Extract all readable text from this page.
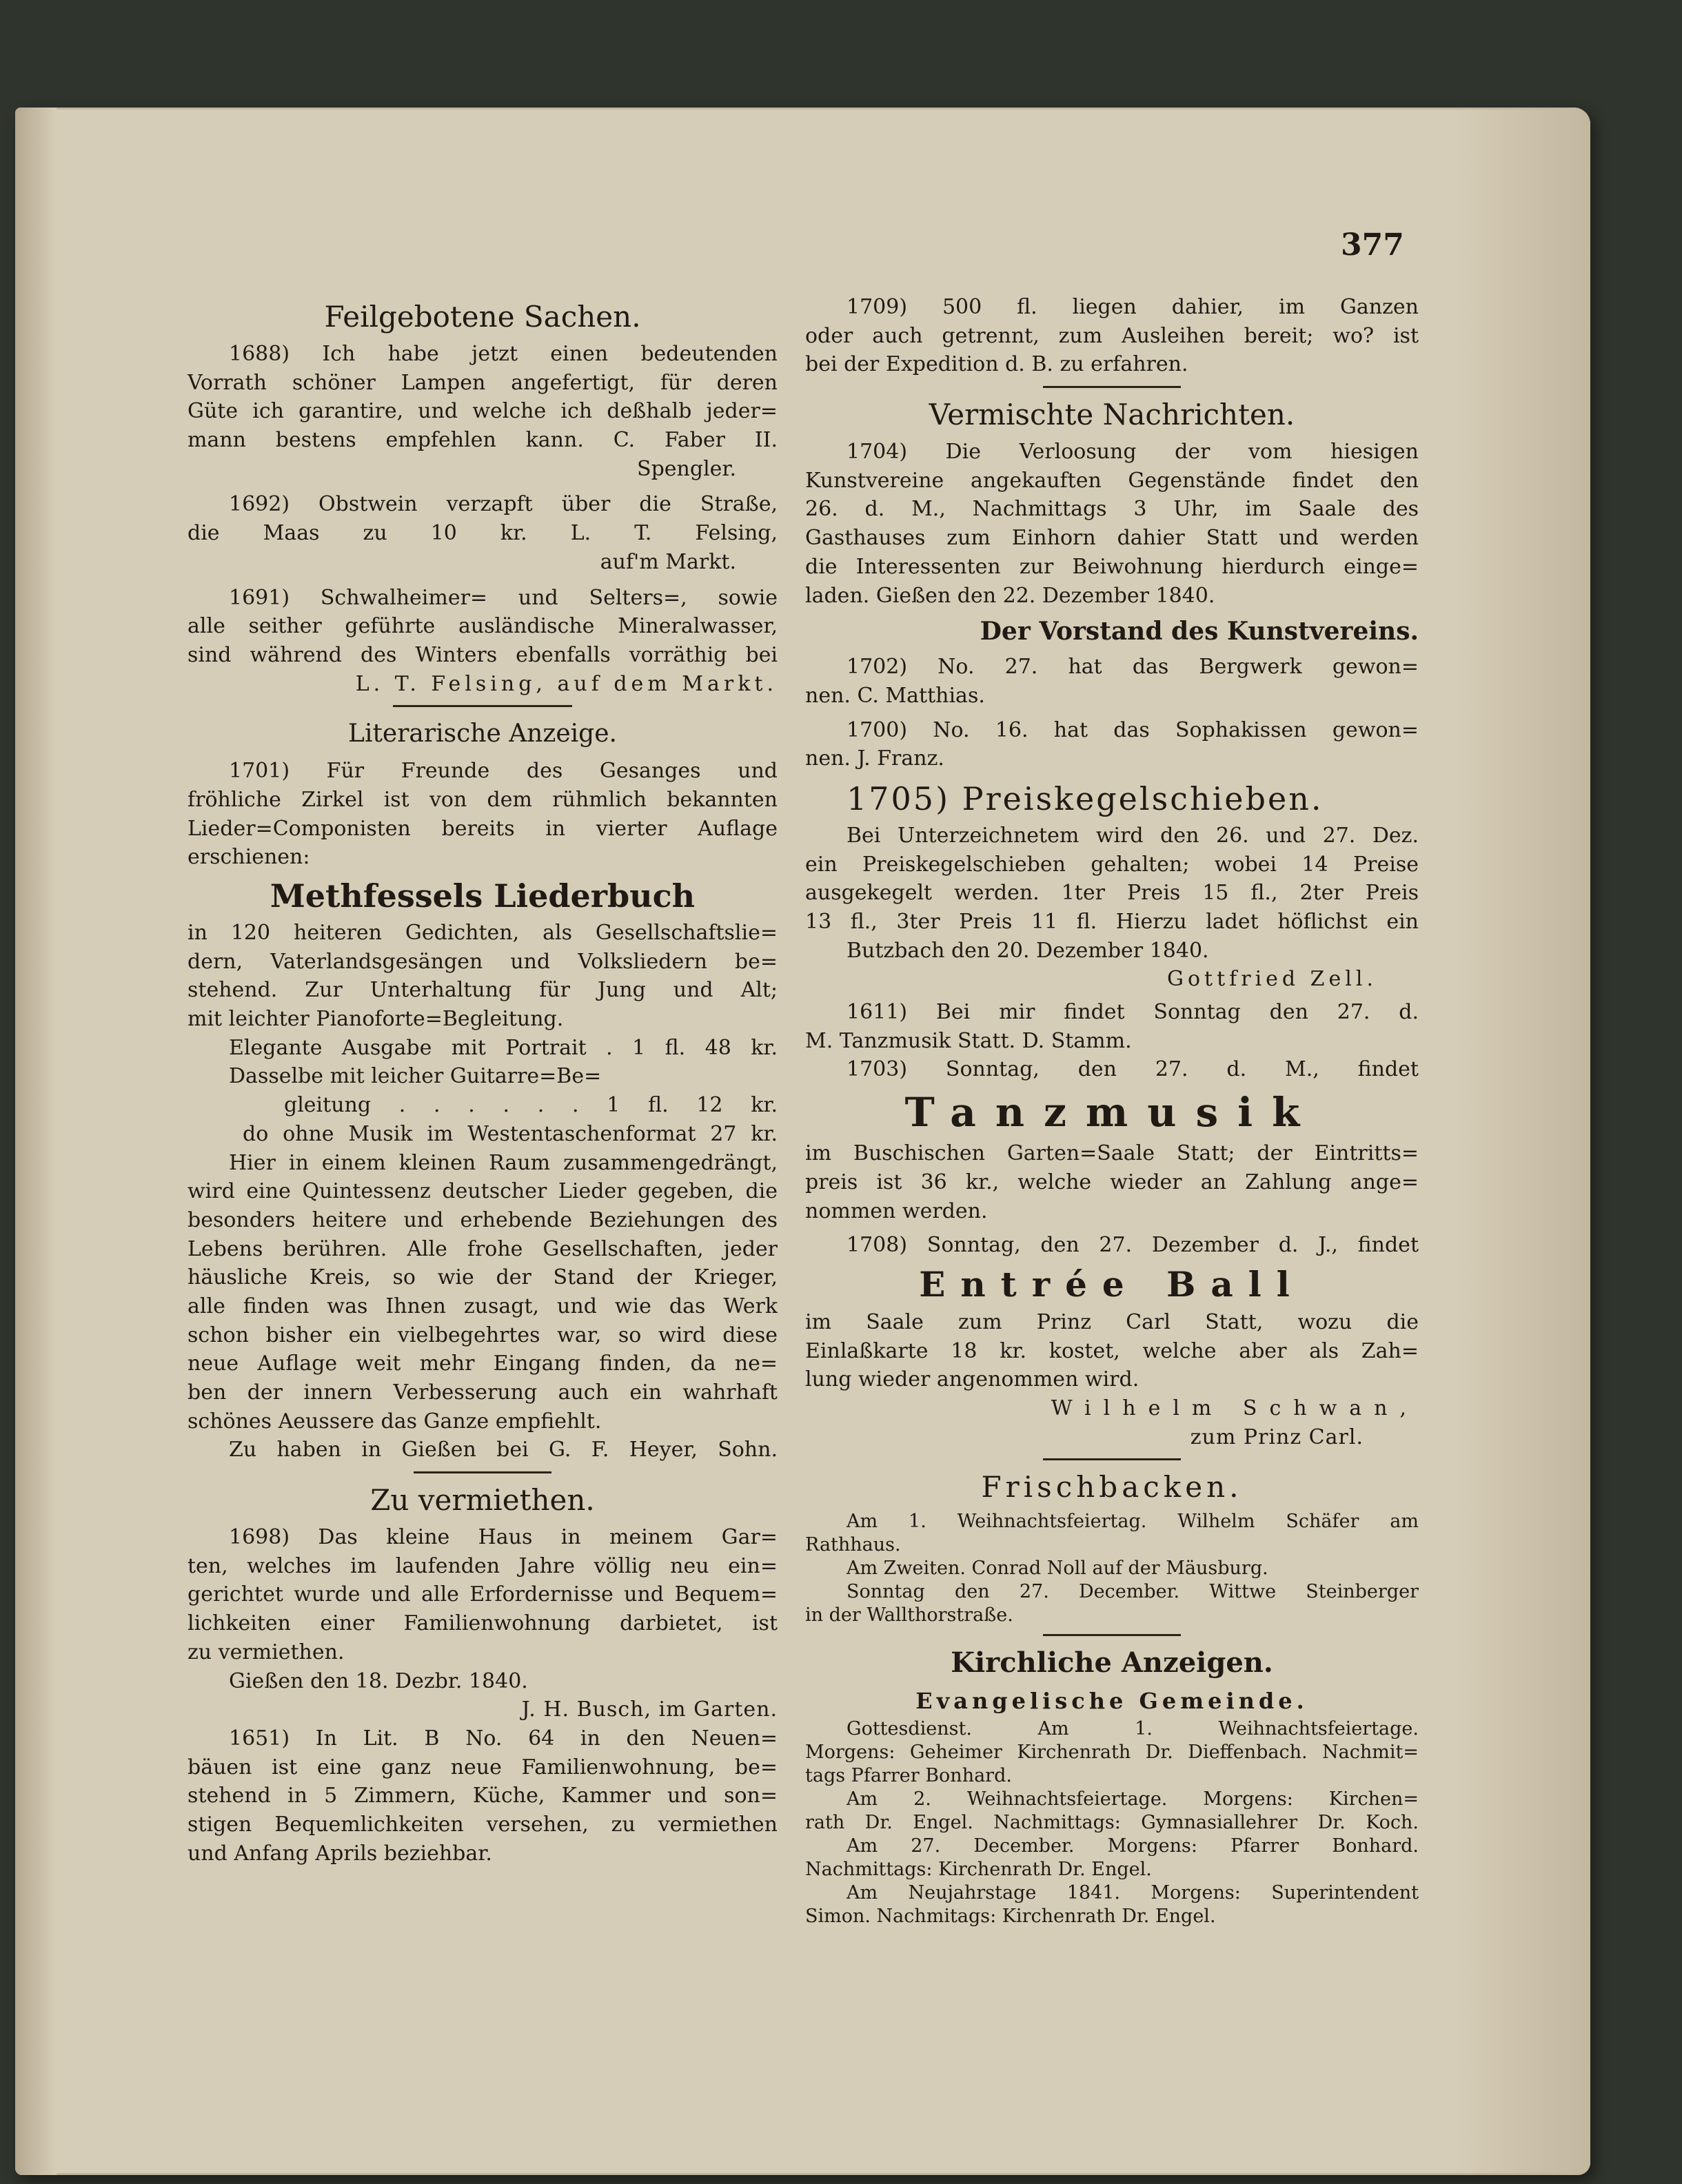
377
Feilgebotene Sachen.
1688) Ich habe jetzt einen bedeutenden
Vorrath schöner Lampen angefertigt, für deren
Güte ich garantire, und welche ich deßhalb jeder=
mann bestens empfehlen kann. C. Faber II.
Spengler.
1692) Obstwein verzapft über die Straße,
die Maas zu 10 kr. L. T. Felsing,
auf'm Markt.
1691) Schwalheimer= und Selters=, sowie
alle seither geführte ausländische Mineralwasser,
sind während des Winters ebenfalls vorräthig bei
L. T. Felsing, auf dem Markt.
Literarische Anzeige.
1701) Für Freunde des Gesanges und
fröhliche Zirkel ist von dem rühmlich bekannten
Lieder=Componisten bereits in vierter Auflage
erschienen:
Methfessels Liederbuch
in 120 heiteren Gedichten, als Gesellschaftslie=
dern, Vaterlandsgesängen und Volksliedern be=
stehend. Zur Unterhaltung für Jung und Alt;
mit leichter Pianoforte=Begleitung.
Elegante Ausgabe mit Portrait . 1 fl. 48 kr.
Dasselbe mit leicher Guitarre=Be=
gleitung . . . . . . 1 fl. 12 kr.
do ohne Musik im Westentaschenformat 27 kr.
Hier in einem kleinen Raum zusammengedrängt,
wird eine Quintessenz deutscher Lieder gegeben, die
besonders heitere und erhebende Beziehungen des
Lebens berühren. Alle frohe Gesellschaften, jeder
häusliche Kreis, so wie der Stand der Krieger,
alle finden was Ihnen zusagt, und wie das Werk
schon bisher ein vielbegehrtes war, so wird diese
neue Auflage weit mehr Eingang finden, da ne=
ben der innern Verbesserung auch ein wahrhaft
schönes Aeussere das Ganze empfiehlt.
Zu haben in Gießen bei G. F. Heyer, Sohn.
Zu vermiethen.
1698) Das kleine Haus in meinem Gar=
ten, welches im laufenden Jahre völlig neu ein=
gerichtet wurde und alle Erfordernisse und Bequem=
lichkeiten einer Familienwohnung darbietet, ist
zu vermiethen.
Gießen den 18. Dezbr. 1840.
J. H. Busch, im Garten.
1651) In Lit. B No. 64 in den Neuen=
bäuen ist eine ganz neue Familienwohnung, be=
stehend in 5 Zimmern, Küche, Kammer und son=
stigen Bequemlichkeiten versehen, zu vermiethen
und Anfang Aprils beziehbar.
1709) 500 fl. liegen dahier, im Ganzen
oder auch getrennt, zum Ausleihen bereit; wo? ist
bei der Expedition d. B. zu erfahren.
Vermischte Nachrichten.
1704) Die Verloosung der vom hiesigen
Kunstvereine angekauften Gegenstände findet den
26. d. M., Nachmittags 3 Uhr, im Saale des
Gasthauses zum Einhorn dahier Statt und werden
die Interessenten zur Beiwohnung hierdurch einge=
laden. Gießen den 22. Dezember 1840.
Der Vorstand des Kunstvereins.
1702) No. 27. hat das Bergwerk gewon=
nen. C. Matthias.
1700) No. 16. hat das Sophakissen gewon=
nen. J. Franz.
1705) Preiskegelschieben.
Bei Unterzeichnetem wird den 26. und 27. Dez.
ein Preiskegelschieben gehalten; wobei 14 Preise
ausgekegelt werden. 1ter Preis 15 fl., 2ter Preis
13 fl., 3ter Preis 11 fl. Hierzu ladet höflichst ein
Butzbach den 20. Dezember 1840.
Gottfried Zell.
1611) Bei mir findet Sonntag den 27. d.
M. Tanzmusik Statt. D. Stamm.
1703) Sonntag, den 27. d. M., findet
Tanzmusik
im Buschischen Garten=Saale Statt; der Eintritts=
preis ist 36 kr., welche wieder an Zahlung ange=
nommen werden.
1708) Sonntag, den 27. Dezember d. J., findet
Entrée Ball
im Saale zum Prinz Carl Statt, wozu die
Einlaßkarte 18 kr. kostet, welche aber als Zah=
lung wieder angenommen wird.
Wilhelm Schwan,
zum Prinz Carl.
Frischbacken.
Am 1. Weihnachtsfeiertag. Wilhelm Schäfer am
Rathhaus.
Am Zweiten. Conrad Noll auf der Mäusburg.
Sonntag den 27. December. Wittwe Steinberger
in der Wallthorstraße.
Kirchliche Anzeigen.
Evangelische Gemeinde.
Gottesdienst. Am 1. Weihnachtsfeiertage.
Morgens: Geheimer Kirchenrath Dr. Dieffenbach. Nachmit=
tags Pfarrer Bonhard.
Am 2. Weihnachtsfeiertage. Morgens: Kirchen=
rath Dr. Engel. Nachmittags: Gymnasiallehrer Dr. Koch.
Am 27. December. Morgens: Pfarrer Bonhard.
Nachmittags: Kirchenrath Dr. Engel.
Am Neujahrstage 1841. Morgens: Superintendent
Simon. Nachmitags: Kirchenrath Dr. Engel.
